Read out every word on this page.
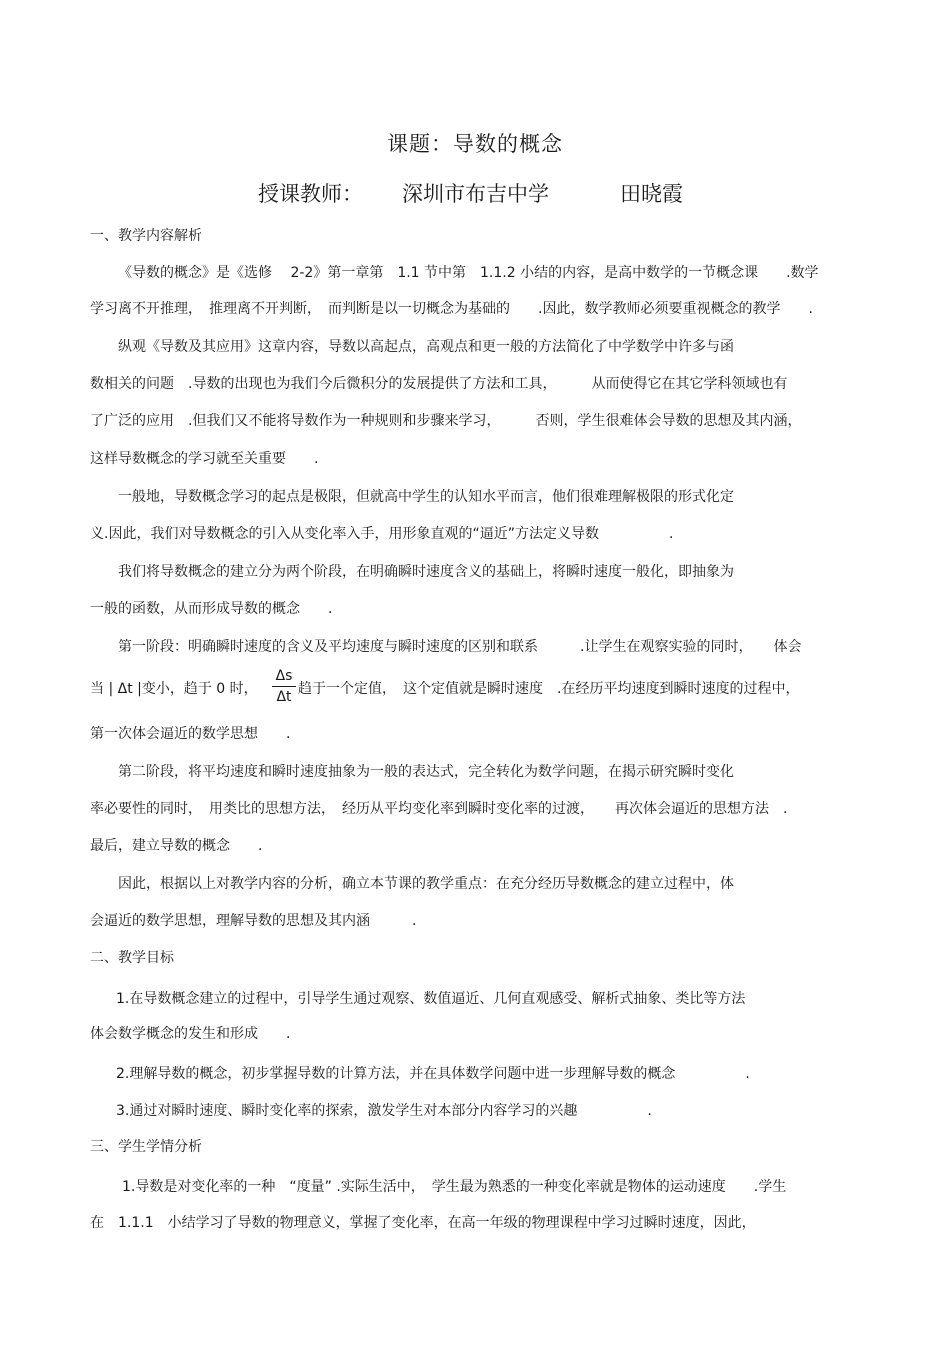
课题：导数的概念
授课教师： 深圳市布吉中学	田晓霞
一、教学内容解析
《导数的概念》是《选修　 2-2》第一章第　1.1 节中第　1.1.2 小结的内容，是高中数学的一节概念课　　.数学
学习离不开推理，　推理离不开判断，　而判断是以一切概念为基础的　　.因此，数学教师必须要重视概念的教学　　.
纵观《导数及其应用》这章内容，导数以高起点，高观点和更一般的方法简化了中学数学中许多与函
数相关的问题　.导数的出现也为我们今后微积分的发展提供了方法和工具，　　　从而使得它在其它学科领域也有
了广泛的应用　.但我们又不能将导数作为一种规则和步骤来学习，　　　否则，学生很难体会导数的思想及其内涵，
这样导数概念的学习就至关重要　　.
一般地，导数概念学习的起点是极限，但就高中学生的认知水平而言，他们很难理解极限的形式化定
义.因此，我们对导数概念的引入从变化率入手，用形象直观的“逼近”方法定义导数　　　　　.
我们将导数概念的建立分为两个阶段，在明确瞬时速度含义的基础上，将瞬时速度一般化，即抽象为
一般的函数，从而形成导数的概念　　.
第一阶段：明确瞬时速度的含义及平均速度与瞬时速度的区别和联系　　　.让学生在观察实验的同时，　　体会
当 | Δt |变小，趋于 0 时，
Δs
Δt 趋于一个定值，　这个定值就是瞬时速度　.在经历平均速度到瞬时速度的过程中，
第一次体会逼近的数学思想　　.
第二阶段，将平均速度和瞬时速度抽象为一般的表达式，完全转化为数学问题，在揭示研究瞬时变化
率必要性的同时，　用类比的思想方法，　经历从平均变化率到瞬时变化率的过渡，　　再次体会逼近的思想方法　.
最后，建立导数的概念　　.
因此，根据以上对教学内容的分析，确立本节课的教学重点：在充分经历导数概念的建立过程中，体
会逼近的数学思想，理解导数的思想及其内涵　　　.
二、教学目标
1.在导数概念建立的过程中，引导学生通过观察、数值逼近、几何直观感受、解析式抽象、类比等方法
体会数学概念的发生和形成　　.
2.理解导数的概念，初步掌握导数的计算方法，并在具体数学问题中进一步理解导数的概念　　　　　.
3.通过对瞬时速度、瞬时变化率的探索，激发学生对本部分内容学习的兴趣　　　　　.
三、学生学情分析
1.导数是对变化率的一种　“度量” .实际生活中，　学生最为熟悉的一种变化率就是物体的运动速度　　.学生
在　1.1.1　小结学习了导数的物理意义，掌握了变化率，在高一年级的物理课程中学习过瞬时速度，因此，
